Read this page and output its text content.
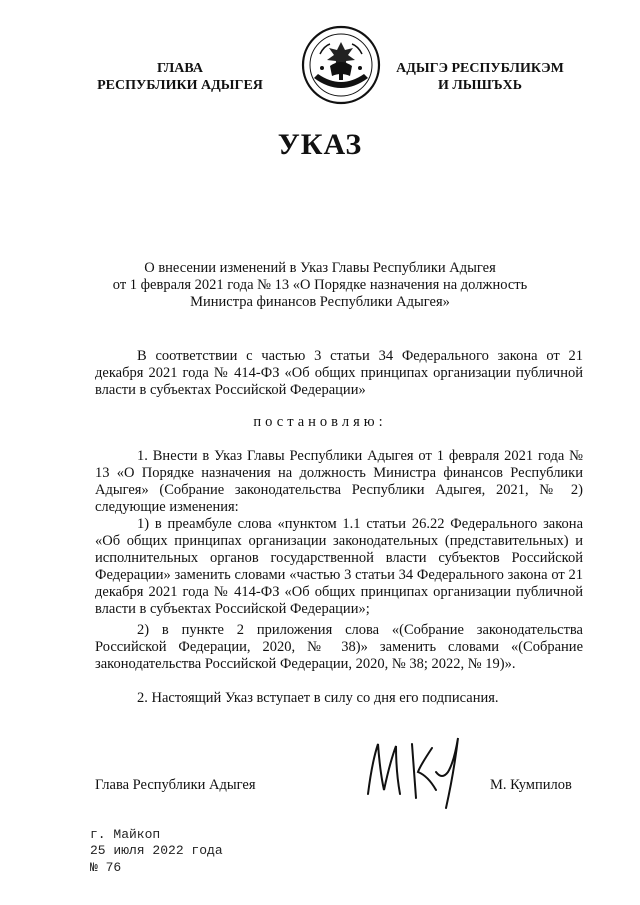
ГЛАВА
РЕСПУБЛИКИ АДЫГЕЯ
АДЫГЭ РЕСПУБЛИКЭМ
И ЛЫШЪХЬ
УКАЗ
О внесении изменений в Указ Главы Республики Адыгея
от 1 февраля 2021 года № 13 «О Порядке назначения на должность
Министра финансов Республики Адыгея»
В соответствии с частью 3 статьи 34 Федерального закона от 21 декабря 2021 года № 414-ФЗ «Об общих принципах организации публичной власти в субъектах Российской Федерации»
постановляю:
1. Внести в Указ Главы Республики Адыгея от 1 февраля 2021 года № 13 «О Порядке назначения на должность Министра финансов Республики Адыгея» (Собрание законодательства Республики Адыгея, 2021, № 2) следующие изменения:
1) в преамбуле слова «пунктом 1.1 статьи 26.22 Федерального закона «Об общих принципах организации законодательных (представительных) и исполнительных органов государственной власти субъектов Российской Федерации» заменить словами «частью 3 статьи 34 Федерального закона от 21 декабря 2021 года № 414-ФЗ «Об общих принципах организации публичной власти в субъектах Российской Федерации»;
2) в пункте 2 приложения слова «(Собрание законодательства Российской Федерации, 2020, № 38)» заменить словами «(Собрание законодательства Российской Федерации, 2020, № 38; 2022, № 19)».
2. Настоящий Указ вступает в силу со дня его подписания.
Глава Республики Адыгея	М. Кумпилов
г. Майкоп
25 июля 2022 года
№ 76
